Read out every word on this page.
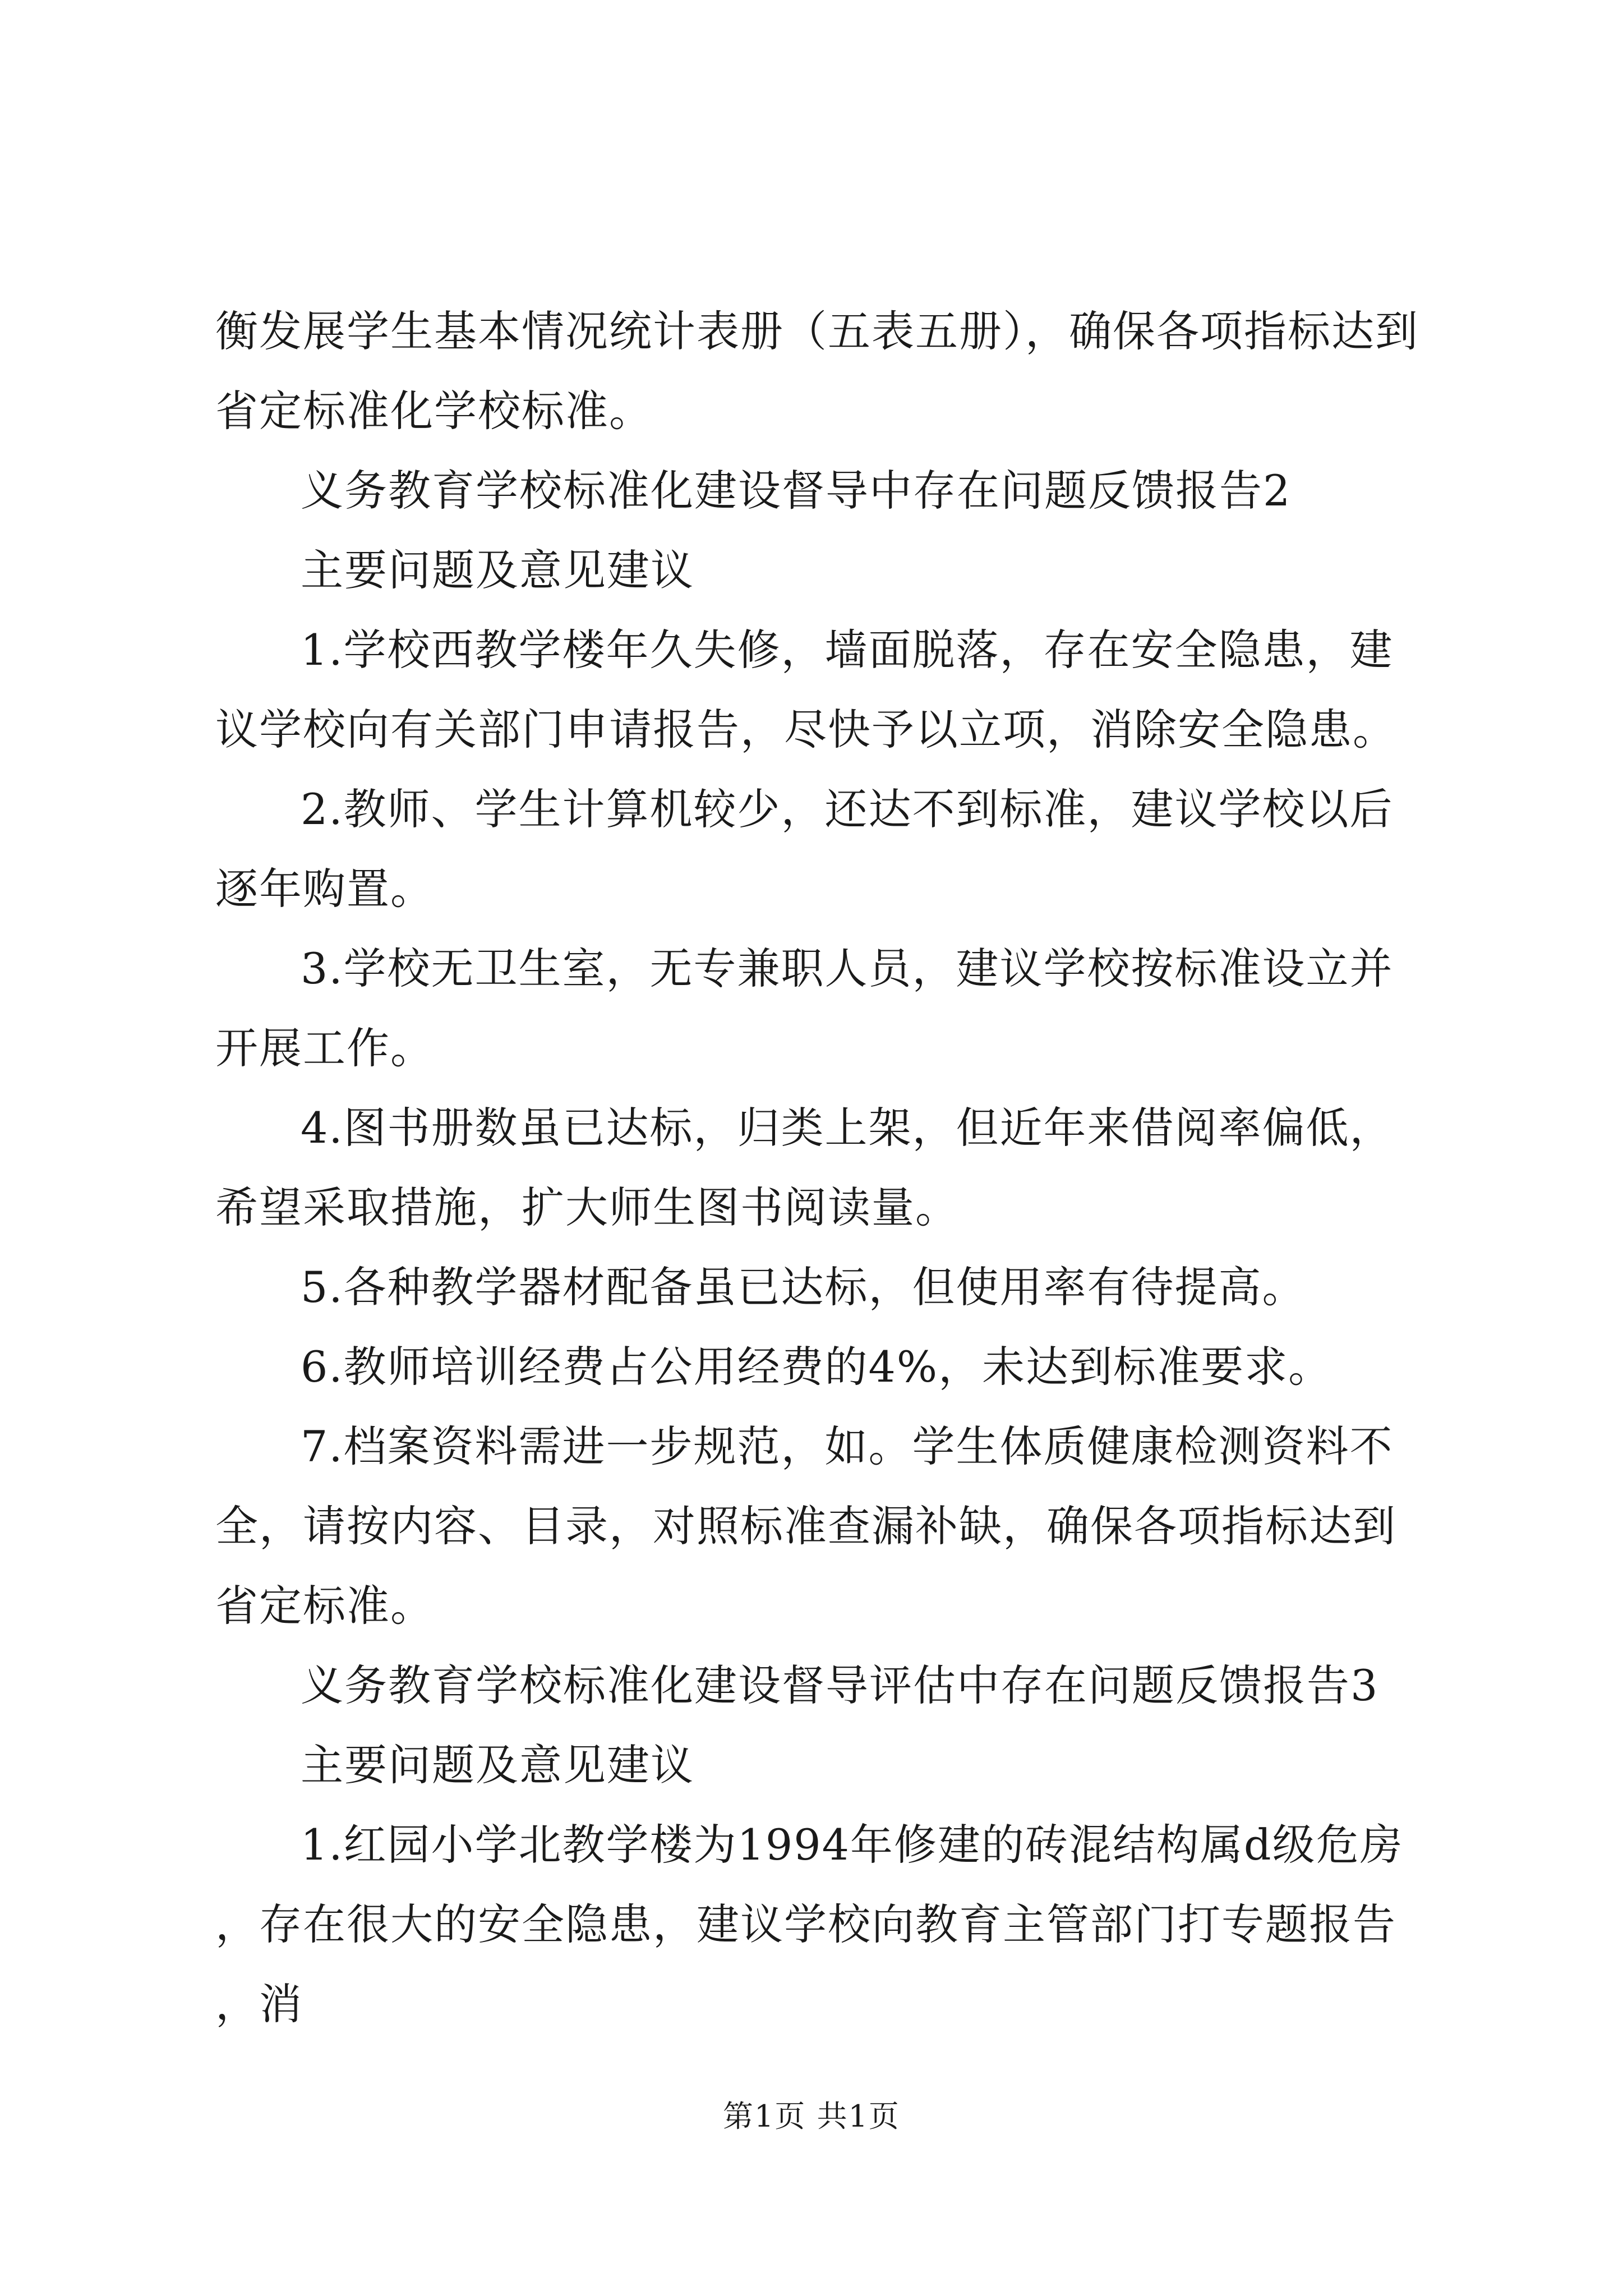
衡发展学生基本情况统计表册（五表五册），确保各项指标达到省定标准化学校标准。

义务教育学校标准化建设督导中存在问题反馈报告2

主要问题及意见建议

1.学校西教学楼年久失修，墙面脱落，存在安全隐患，建议学校向有关部门申请报告，尽快予以立项，消除安全隐患。

2.教师、学生计算机较少，还达不到标准，建议学校以后逐年购置。

3.学校无卫生室，无专兼职人员，建议学校按标准设立并开展工作。

4.图书册数虽已达标，归类上架，但近年来借阅率偏低，希望采取措施，扩大师生图书阅读量。

5.各种教学器材配备虽已达标，但使用率有待提高。

6.教师培训经费占公用经费的4%，未达到标准要求。

7.档案资料需进一步规范，如。学生体质健康检测资料不全，请按内容、目录，对照标准查漏补缺，确保各项指标达到省定标准。

义务教育学校标准化建设督导评估中存在问题反馈报告3

主要问题及意见建议

1.红园小学北教学楼为1994年修建的砖混结构属d级危房，存在很大的安全隐患，建议学校向教育主管部门打专题报告，消

第1页 共1页
